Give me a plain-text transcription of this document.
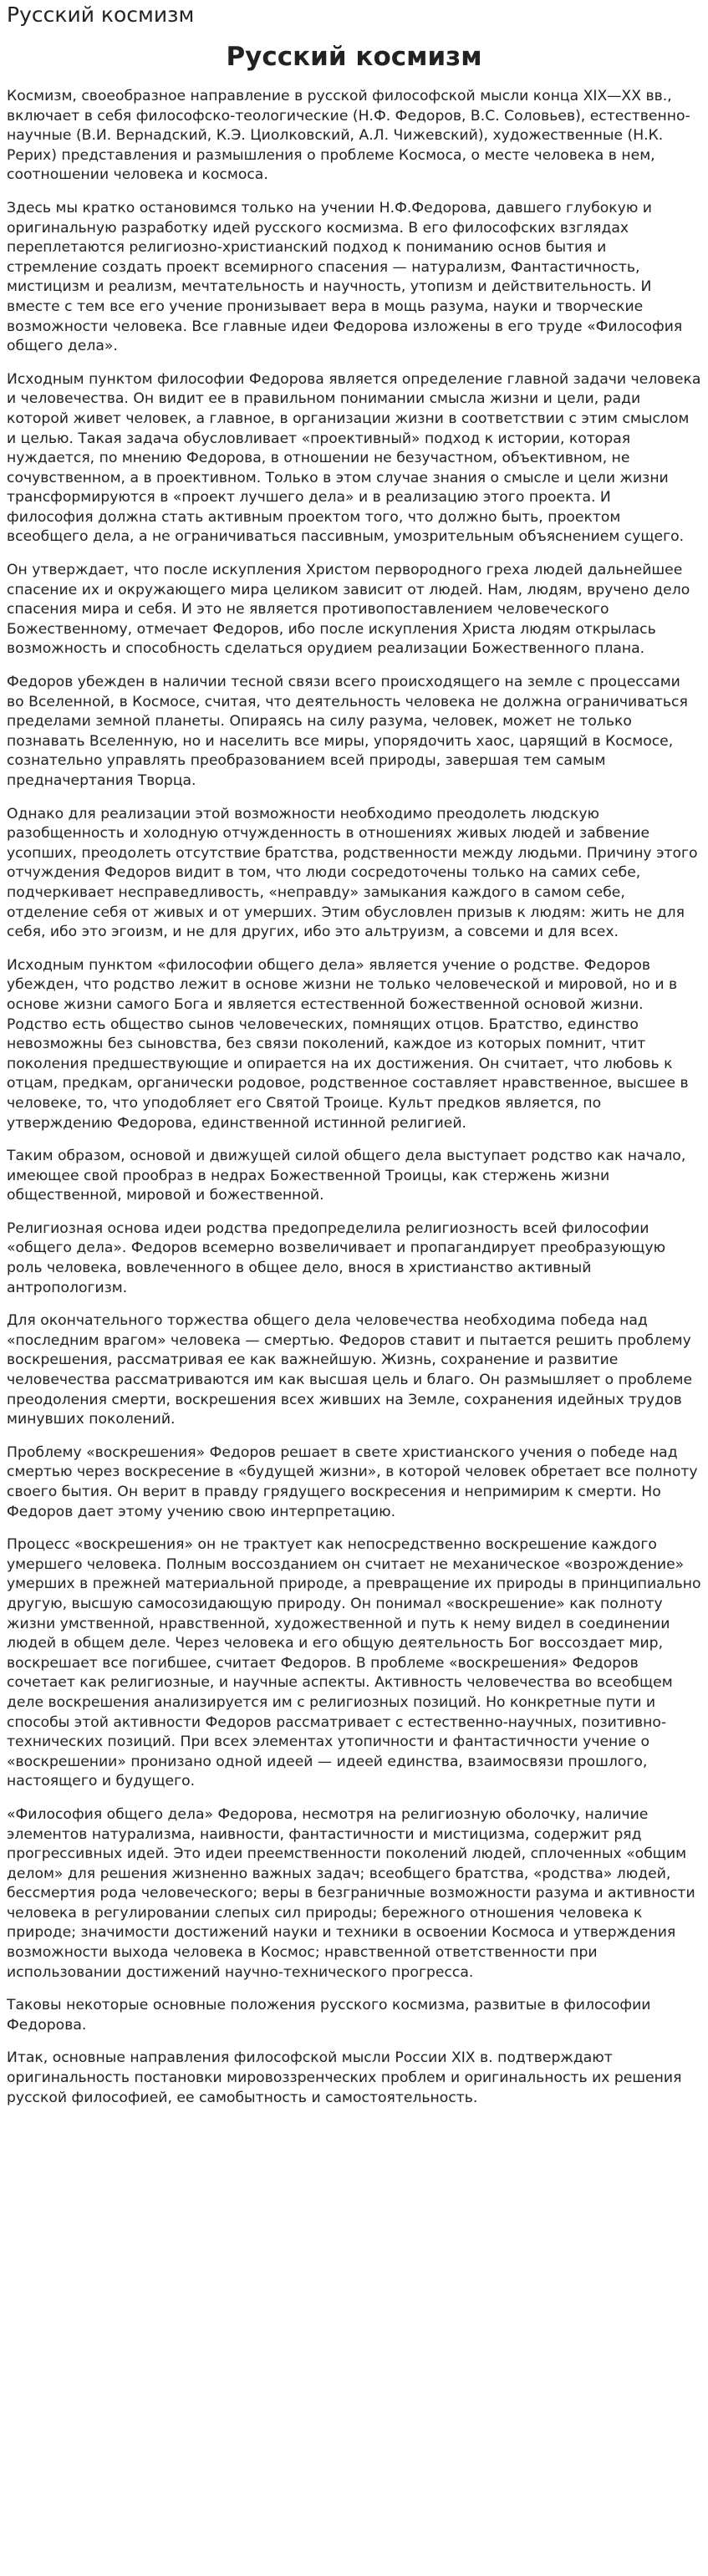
Русский космизм
Русский космизм

Космизм, своеобразное направление в русской философской мысли конца XIX—XX вв., включает в себя философско-теологические (Н.Ф. Федоров, В.С. Соловьев), естественно-научные (В.И. Вернадский, К.Э. Циолковский, А.Л. Чижевский), художественные (Н.К. Рерих) представления и размышления о проблеме Космоса, о месте человека в нем, соотношении человека и космоса.

Здесь мы кратко остановимся только на учении Н.Ф.Федорова, давшего глубокую и оригинальную разработку идей русского космизма. В его философских взглядах переплетаются религиозно-христианский подход к пониманию основ бытия и стремление создать проект всемирного спасения — натурализм, Фантастичность, мистицизм и реализм, мечтательность и научность, утопизм и действительность. И вместе с тем все его учение пронизывает вера в мощь разума, науки и творческие возможности человека. Все главные идеи Федорова изложены в его труде «Философия общего дела».

Исходным пунктом философии Федорова является определение главной задачи человека и человечества. Он видит ее в правильном понимании смысла жизни и цели, ради которой живет человек, а главное, в организации жизни в соответствии с этим смыслом и целью. Такая задача обусловливает «проективный» подход к истории, которая нуждается, по мнению Федорова, в отношении не безучастном, объективном, не сочувственном, а в проективном. Только в этом случае знания о смысле и цели жизни трансформируются в «проект лучшего дела» и в реализацию этого проекта. И философия должна стать активным проектом того, что должно быть, проектом всеобщего дела, а не ограничиваться пассивным, умозрительным объяснением сущего.

Он утверждает, что после искупления Христом первородного греха людей дальнейшее спасение их и окружающего мира целиком зависит от людей. Нам, людям, вручено дело спасения мира и себя. И это не является противопоставлением человеческого Божественному, отмечает Федоров, ибо после искупления Христа людям открылась возможность и способность сделаться орудием реализации Божественного плана.

Федоров убежден в наличии тесной связи всего происходящего на земле с процессами во Вселенной, в Космосе, считая, что деятельность человека не должна ограничиваться пределами земной планеты. Опираясь на силу разума, человек, может не только познавать Вселенную, но и населить все миры, упорядочить хаос, царящий в Космосе, сознательно управлять преобразованием всей природы, завершая тем самым предначертания Творца.

Однако для реализации этой возможности необходимо преодолеть людскую разобщенность и холодную отчужденность в отношениях живых людей и забвение усопших, преодолеть отсутствие братства, родственности между людьми. Причину этого отчуждения Федоров видит в том, что люди сосредоточены только на самих себе, подчеркивает несправедливость, «неправду» замыкания каждого в самом себе, отделение себя от живых и от умерших. Этим обусловлен призыв к людям: жить не для себя, ибо это эгоизм, и не для других, ибо это альтруизм, а совсеми и для всех.

Исходным пунктом «философии общего дела» является учение о родстве. Федоров убежден, что родство лежит в основе жизни не только человеческой и мировой, но и в основе жизни самого Бога и является естественной божественной основой жизни. Родство есть общество сынов человеческих, помнящих отцов. Братство, единство невозможны без сыновства, без связи поколений, каждое из которых помнит, чтит поколения предшествующие и опирается на их достижения. Он считает, что любовь к отцам, предкам, органически родовое, родственное составляет нравственное, высшее в человеке, то, что уподобляет его Святой Троице. Культ предков является, по утверждению Федорова, единственной истинной религией.

Таким образом, основой и движущей силой общего дела выступает родство как начало, имеющее свой прообраз в недрах Божественной Троицы, как стержень жизни общественной, мировой и божественной.

Религиозная основа идеи родства предопределила религиозность всей философии «общего дела». Федоров всемерно возвеличивает и пропагандирует преобразующую роль человека, вовлеченного в общее дело, внося в христианство активный антропологизм.

Для окончательного торжества общего дела человечества необходима победа над «последним врагом» человека — смертью. Федоров ставит и пытается решить проблему воскрешения, рассматривая ее как важнейшую. Жизнь, сохранение и развитие человечества рассматриваются им как высшая цель и благо. Он размышляет о проблеме преодоления смерти, воскрешения всех живших на Земле, сохранения идейных трудов минувших поколений.

Проблему «воскрешения» Федоров решает в свете христианского учения о победе над смертью через воскресение в «будущей жизни», в которой человек обретает все полноту своего бытия. Он верит в правду грядущего воскресения и непримирим к смерти. Но Федоров дает этому учению свою интерпретацию.

Процесс «воскрешения» он не трактует как непосредственно воскрешение каждого умершего человека. Полным воссозданием он считает не механическое «возрождение» умерших в прежней материальной природе, а превращение их природы в принципиально другую, высшую самосозидающую природу. Он понимал «воскрешение» как полноту жизни умственной, нравственной, художественной и путь к нему видел в соединении людей в общем деле. Через человека и его общую деятельность Бог воссоздает мир, воскрешает все погибшее, считает Федоров. В проблеме «воскрешения» Федоров сочетает как религиозные, и научные аспекты. Активность человечества во всеобщем деле воскрешения анализируется им с религиозных позиций. Но конкретные пути и способы этой активности Федоров рассматривает с естественно-научных, позитивно-технических позиций. При всех элементах утопичности и фантастичности учение о «воскрешении» пронизано одной идеей — идеей единства, взаимосвязи прошлого, настоящего и будущего.

«Философия общего дела» Федорова, несмотря на религиозную оболочку, наличие элементов натурализма, наивности, фантастичности и мистицизма, содержит ряд прогрессивных идей. Это идеи преемственности поколений людей, сплоченных «общим делом» для решения жизненно важных задач; всеобщего братства, «родства» людей, бессмертия рода человеческого; веры в безграничные возможности разума и активности человека в регулировании слепых сил природы; бережного отношения человека к природе; значимости достижений науки и техники в освоении Космоса и утверждения возможности выхода человека в Космос; нравственной ответственности при использовании достижений научно-технического прогресса.

Таковы некоторые основные положения русского космизма, развитые в философии Федорова.

Итак, основные направления философской мысли России XIX в. подтверждают оригинальность постановки мировоззренческих проблем и оригинальность их решения русской философией, ее самобытность и самостоятельность.
